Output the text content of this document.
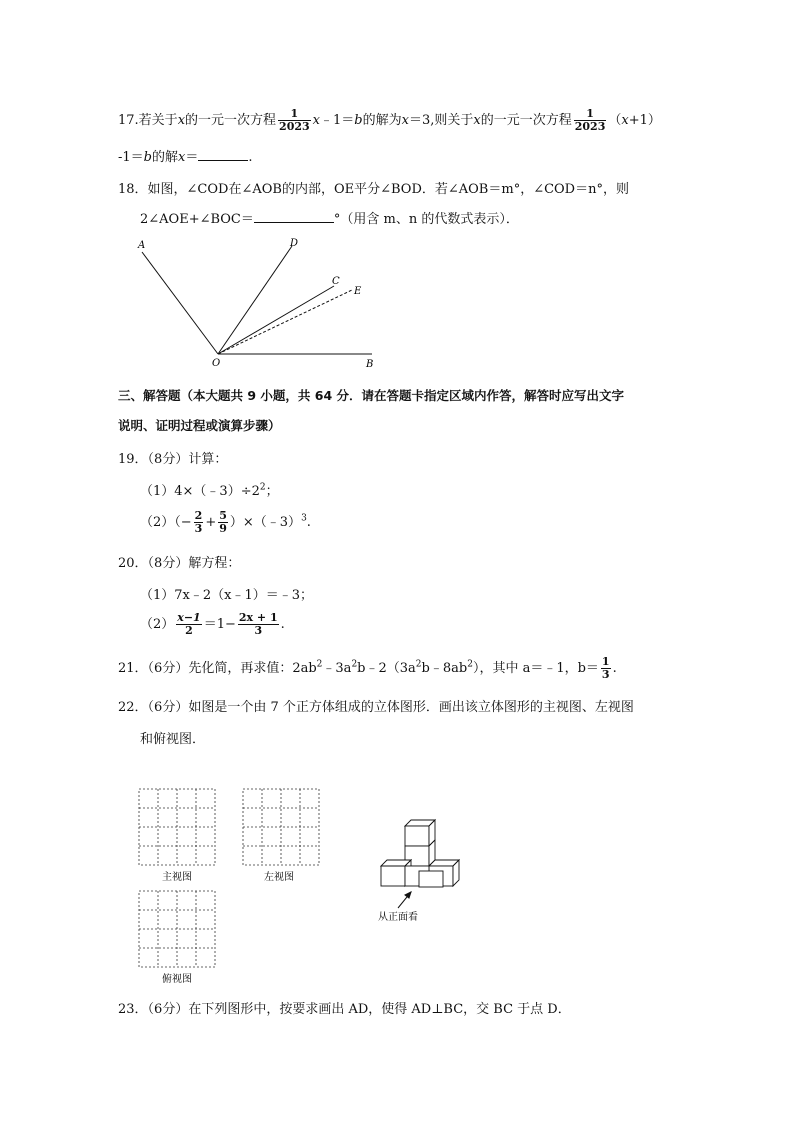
17.若关于x的一元一次方程 $\frac{1}{2023}$ x﹣1＝b的解为x＝3,则关于x的一元一次方程 $\frac{1}{2023} (x+1)$
-1＝b的解x＝	.
18．如图，∠COD在∠AOB的内部，OE平分∠BOD．若∠AOB＝m°，∠COD＝n°，则
2∠AOE+∠BOC＝	°（用含 m、n 的代数式表示）．
A	D
C
E
O	B
三、解答题（本大题共 9 小题，共 64 分．请在答题卡指定区域内作答，解答时应写出文字
说明、证明过程或演算步骤）
19．（8分）计算：
$(1)4\times(﹣3)\div 2^2$；
$(2)(- \frac{2}{3} + \frac{5}{9}$ ）×（﹣3）$^3$.
20．（8分）解方程：
（1）7x﹣2（x﹣1）＝﹣3；
$(2) \frac{x-1}{2} =1- \frac{2x + 1}{3}$ .
21．（6分）先化简，再求值：$2ab^2﹣3a^2b﹣2(3a^2b﹣8ab^2)$，其中 a＝﹣1，$b= \frac{1}{3}$ .
22．（6分）如图是一个由 7 个正方体组成的立体图形．画出该立体图形的主视图、左视图
和俯视图．
主视图	左视图
俯视图
从正面看
23．（6分）在下列图形中，按要求画出 AD，使得 AD⊥BC，交 BC 于点 D．
